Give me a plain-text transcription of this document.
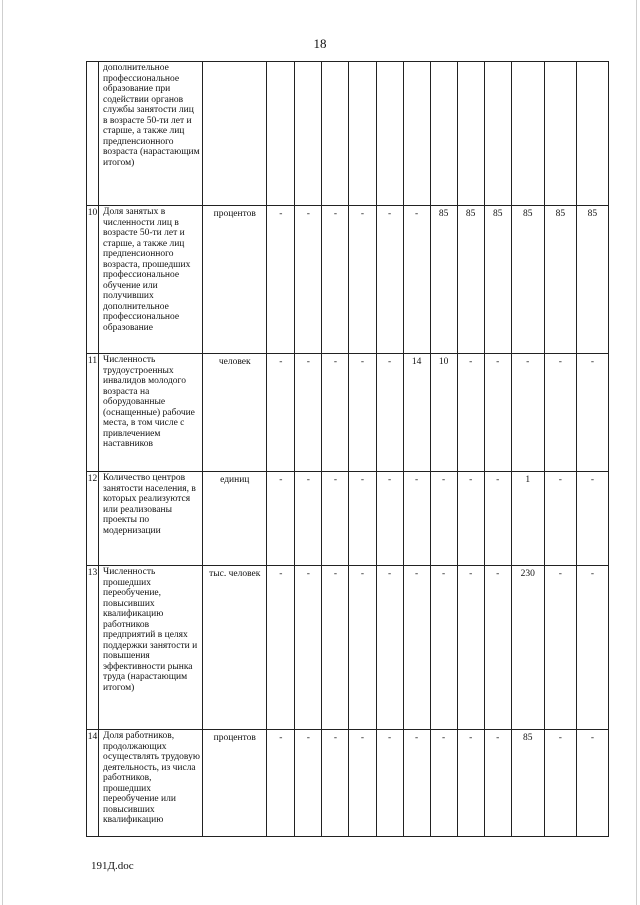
18
	дополнительное профессиональное образование при содействии органов службы занятости лиц в возрасте 50-ти лет и старше, а также лиц предпенсионного возраста (нарастающим итогом)													
10	Доля занятых в численности лиц в возрасте 50-ти лет и старше, а также лиц предпенсионного возраста, прошедших профессиональное обучение или получивших дополнительное профессиональное образование	процентов	-	-	-	-	-	-	85	85	85	85	85	85
11	Численность трудоустроенных инвалидов молодого возраста на оборудованные (оснащенные) рабочие места, в том числе с привлечением наставников	человек	-	-	-	-	-	14	10	-	-	-	-	-
12	Количество центров занятости населения, в которых реализуются или реализованы проекты по модернизации	единиц	-	-	-	-	-	-	-	-	-	1	-	-
13	Численность прошедших переобучение, повысивших квалификацию работников предприятий в целях поддержки занятости и повышения эффективности рынка труда (нарастающим итогом)	тыс. человек	-	-	-	-	-	-	-	-	-	230	-	-
14	Доля работников, продолжающих осуществлять трудовую деятельность, из числа работников, прошедших переобучение или повысивших квалификацию	процентов	-	-	-	-	-	-	-	-	-	85	-	-
191Д.doc
